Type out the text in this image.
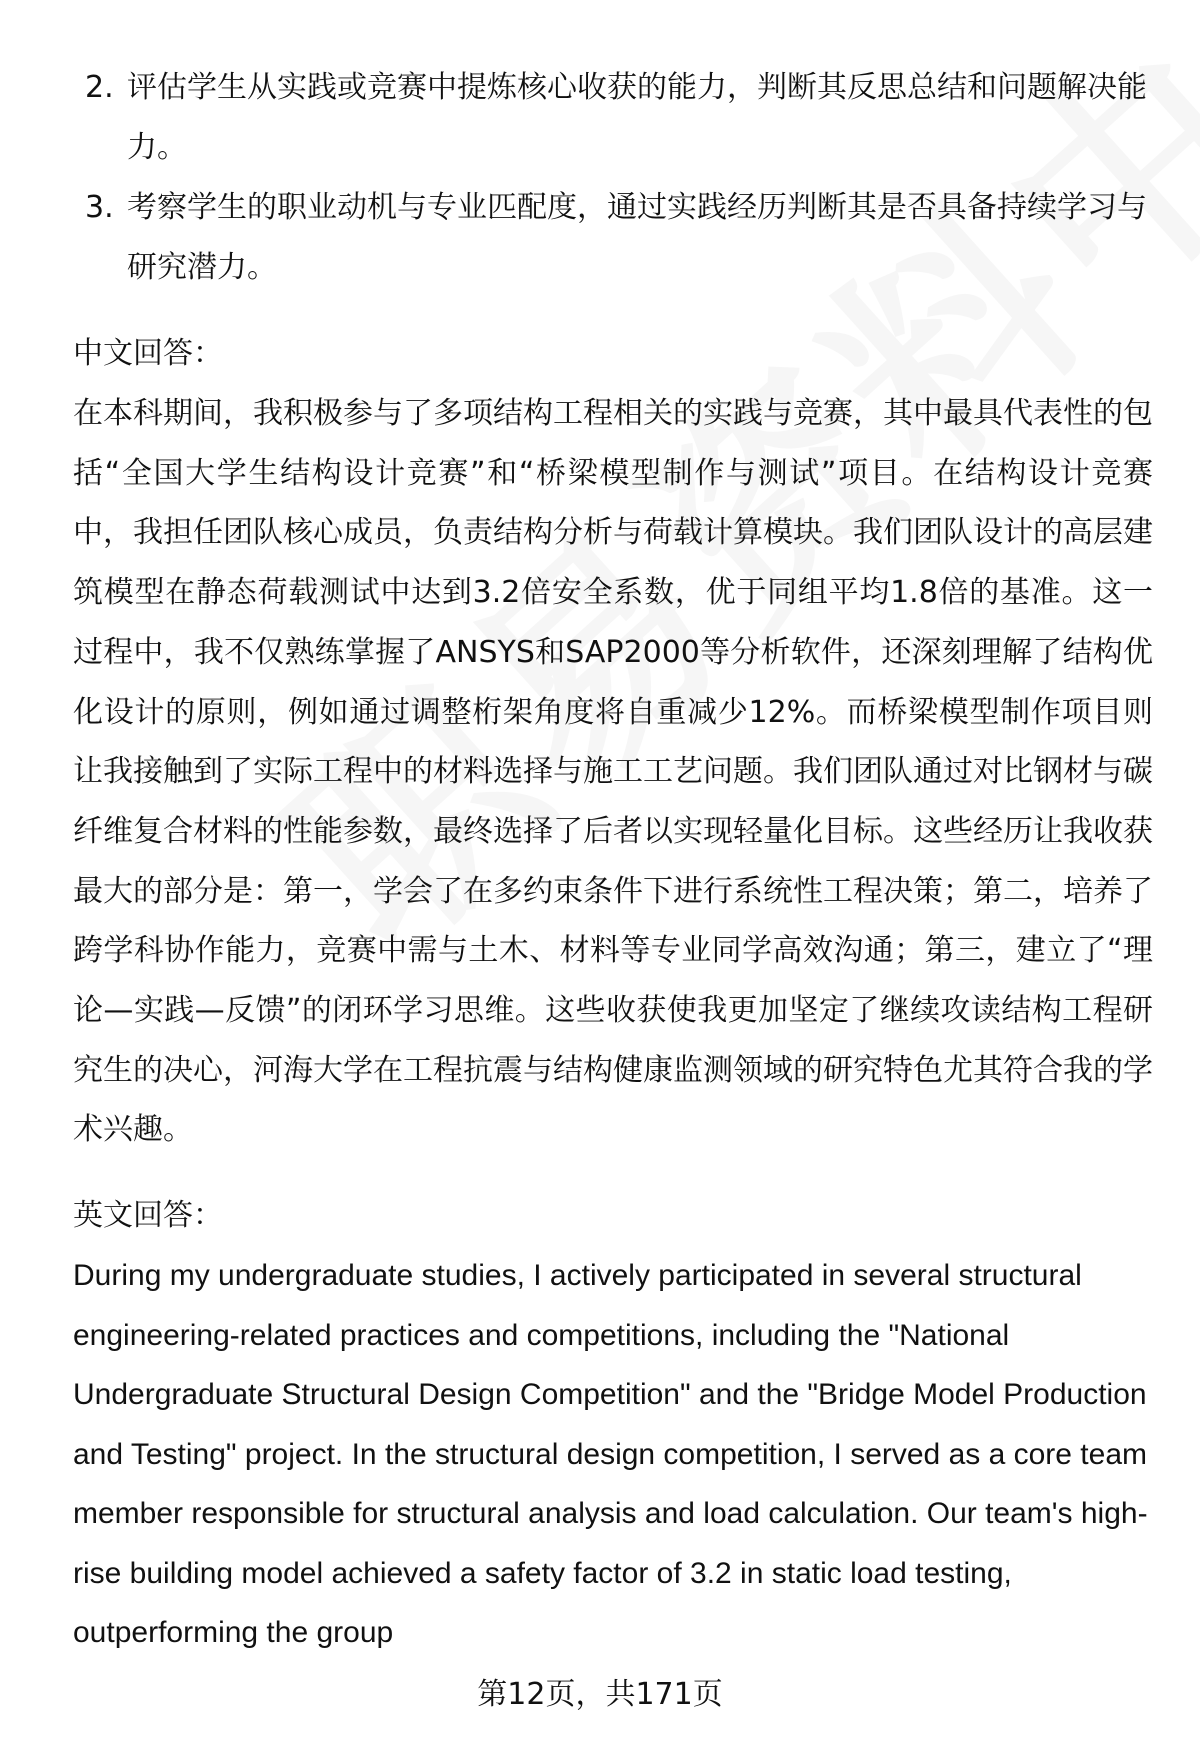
2. 评估学生从实践或竞赛中提炼核心收获的能力，判断其反思总结和问题解决能力。
3. 考察学生的职业动机与专业匹配度，通过实践经历判断其是否具备持续学习与研究潜力。
中文回答：

在本科期间，我积极参与了多项结构工程相关的实践与竞赛，其中最具代表性的包括“全国大学生结构设计竞赛”和“桥梁模型制作与测试”项目。在结构设计竞赛中，我担任团队核心成员，负责结构分析与荷载计算模块。我们团队设计的高层建筑模型在静态荷载测试中达到3.2倍安全系数，优于同组平均1.8倍的基准。这一过程中，我不仅熟练掌握了ANSYS和SAP2000等分析软件，还深刻理解了结构优化设计的原则，例如通过调整桁架角度将自重减少12%。而桥梁模型制作项目则让我接触到了实际工程中的材料选择与施工工艺问题。我们团队通过对比钢材与碳纤维复合材料的性能参数，最终选择了后者以实现轻量化目标。这些经历让我收获最大的部分是：第一，学会了在多约束条件下进行系统性工程决策；第二，培养了跨学科协作能力，竞赛中需与土木、材料等专业同学高效沟通；第三，建立了“理论—实践—反馈”的闭环学习思维。这些收获使我更加坚定了继续攻读结构工程研究生的决心，河海大学在工程抗震与结构健康监测领域的研究特色尤其符合我的学术兴趣。

英文回答：

During my undergraduate studies, I actively participated in several structural engineering-related practices and competitions, including the "National Undergraduate Structural Design Competition" and the "Bridge Model Production and Testing" project. In the structural design competition, I served as a core team member responsible for structural analysis and load calculation. Our team's high-rise building model achieved a safety factor of 3.2 in static load testing, outperforming the group

第12页，共171页
